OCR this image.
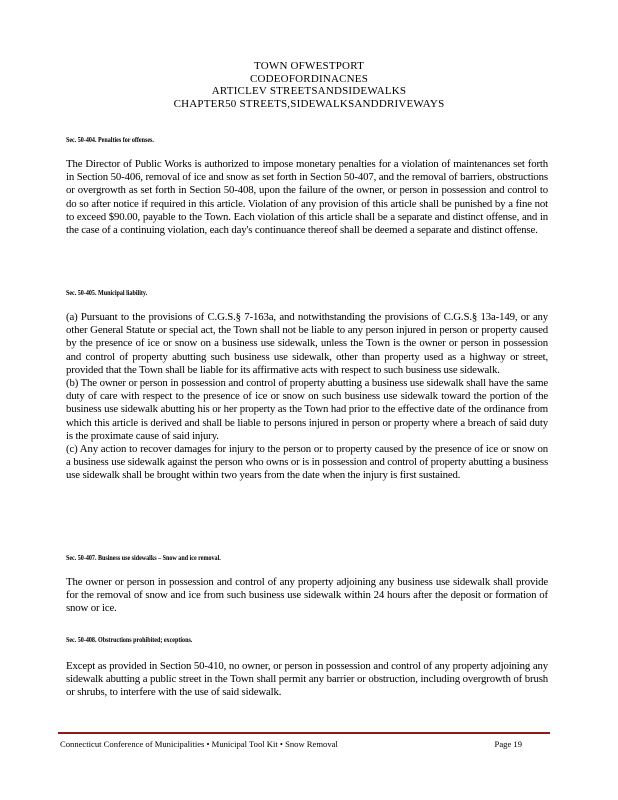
TOWN OFWESTPORT
CODEOFORDINACNES
ARTICLEV STREETSANDSIDEWALKS
CHAPTER50 STREETS,SIDEWALKSANDDRIVEWAYS
Sec. 50-404. Penalties for offenses.

The Director of Public Works is authorized to impose monetary penalties for a violation of maintenances set forth in Section 50-406, removal of ice and snow as set forth in Section 50-407, and the removal of barriers, obstructions or overgrowth as set forth in Section 50-408, upon the failure of the owner, or person in possession and control to do so after notice if required in this article. Violation of any provision of this article shall be punished by a fine not to exceed $90.00, payable to the Town. Each violation of this article shall be a separate and distinct offense, and in the case of a continuing violation, each day's continuance thereof shall be deemed a separate and distinct offense.

Sec. 50-405. Municipal liability.

(a) Pursuant to the provisions of C.G.S.§ 7-163a, and notwithstanding the provisions of C.G.S.§ 13a-149, or any other General Statute or special act, the Town shall not be liable to any person injured in person or property caused by the presence of ice or snow on a business use sidewalk, unless the Town is the owner or person in possession and control of property abutting such business use sidewalk, other than property used as a highway or street, provided that the Town shall be liable for its affirmative acts with respect to such business use sidewalk.

(b) The owner or person in possession and control of property abutting a business use sidewalk shall have the same duty of care with respect to the presence of ice or snow on such business use sidewalk toward the portion of the business use sidewalk abutting his or her property as the Town had prior to the effective date of the ordinance from which this article is derived and shall be liable to persons injured in person or property where a breach of said duty is the proximate cause of said injury.

(c) Any action to recover damages for injury to the person or to property caused by the presence of ice or snow on a business use sidewalk against the person who owns or is in possession and control of property abutting a business use sidewalk shall be brought within two years from the date when the injury is first sustained.

Sec. 50-407. Business use sidewalks – Snow and ice removal.

The owner or person in possession and control of any property adjoining any business use sidewalk shall provide for the removal of snow and ice from such business use sidewalk within 24 hours after the deposit or formation of snow or ice.

Sec. 50-408. Obstructions prohibited; exceptions.

Except as provided in Section 50-410, no owner, or person in possession and control of any property adjoining any sidewalk abutting a public street in the Town shall permit any barrier or obstruction, including overgrowth of brush or shrubs, to interfere with the use of said sidewalk.

Connecticut Conference of Municipalities • Municipal Tool Kit • Snow Removal	Page 19
